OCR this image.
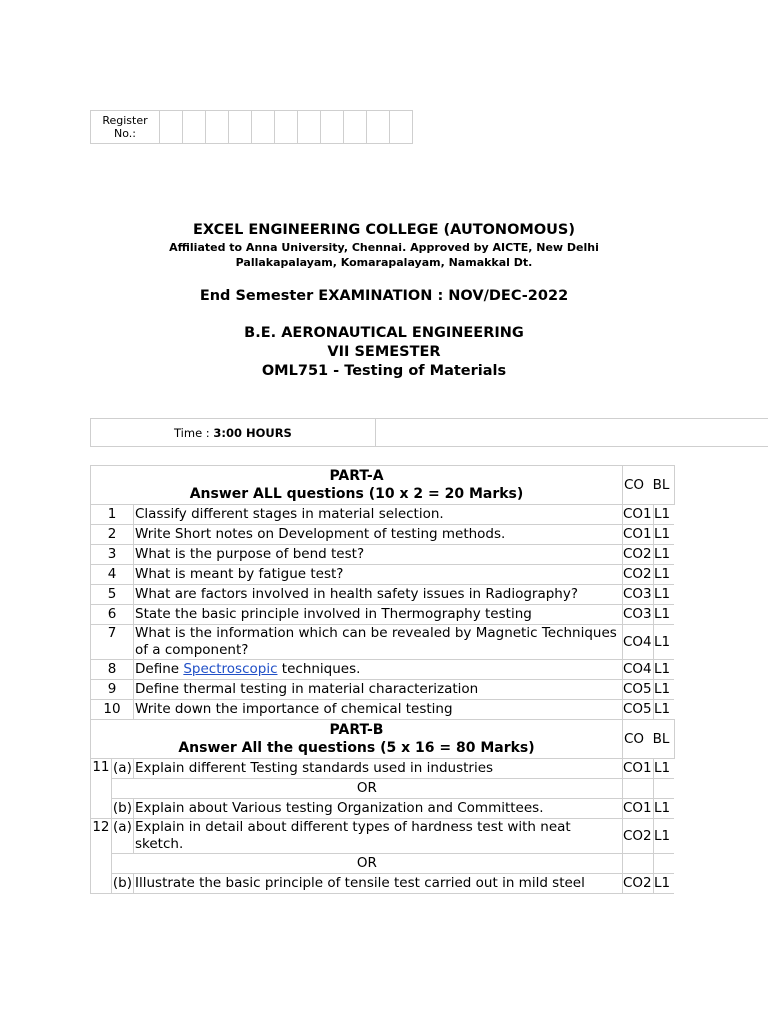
Register No.:											
EXCEL ENGINEERING COLLEGE (AUTONOMOUS)
Affiliated to Anna University, Chennai. Approved by AICTE, New Delhi
Pallakapalayam, Komarapalayam, Namakkal Dt.
End Semester EXAMINATION : NOV/DEC-2022
B.E. AERONAUTICAL ENGINEERING
VII SEMESTER
OML751 - Testing of Materials
Time : 3:00 HOURS
PART-A
Answer ALL questions (10 x 2 = 20 Marks)			CO BL	
1		Classify different stages in material selection.	CO1	L1
2		Write Short notes on Development of testing methods.	CO1	L1
3		What is the purpose of bend test?	CO2	L1
4		What is meant by fatigue test?	CO2	L1
5		What are factors involved in health safety issues in Radiography?	CO3	L1
6		State the basic principle involved in Thermography testing	CO3	L1
7		What is the information which can be revealed by Magnetic Techniques of a component?	CO4	L1
8		Define Spectroscopic techniques.	CO4	L1
9		Define thermal testing in material characterization	CO5	L1
10		Write down the importance of chemical testing	CO5	L1

PART-B
Answer All the questions (5 x 16 = 80 Marks)			CO BL	
11	(a)	Explain different Testing standards used in industries	CO1	L1
	OR			
	(b)	Explain about Various testing Organization and Committees.	CO1	L1
12	(a)	Explain in detail about different types of hardness test with neat sketch.	CO2	L1
	OR			
	(b)	Illustrate the basic principle of tensile test carried out in mild steel	CO2	L1
